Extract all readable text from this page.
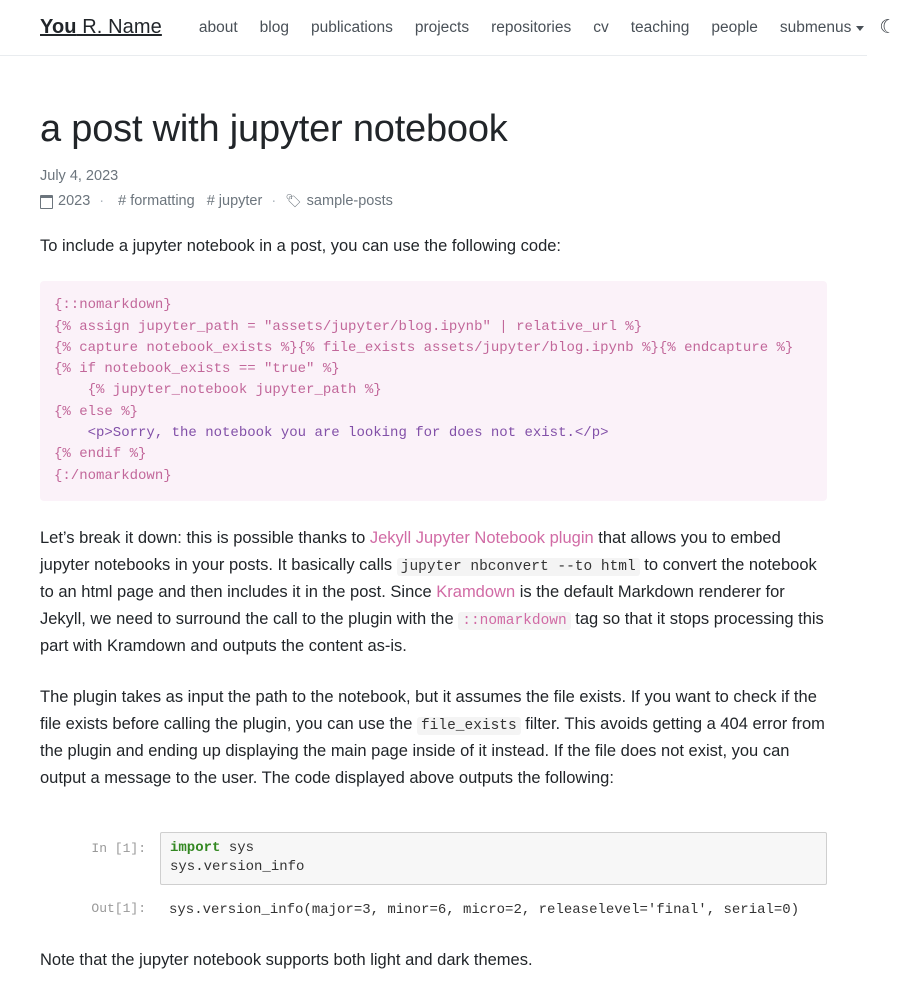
You R. Name	about	blog	publications	projects	repositories	cv	teaching	people	submenus ☾
a post with jupyter notebook
July 4, 2023
2023 · # formatting # jupyter · 🏷 sample-posts

To include a jupyter notebook in a post, you can use the following code:

{::nomarkdown}
{% assign jupyter_path = "assets/jupyter/blog.ipynb" | relative_url %}
{% capture notebook_exists %}{% file_exists assets/jupyter/blog.ipynb %}{% endcapture %}
{% if notebook_exists == "true" %}
{% jupyter_notebook jupyter_path %}
{% else %}
<p>Sorry, the notebook you are looking for does not exist.</p>
{% endif %}
{:/nomarkdown}

Let’s break it down: this is possible thanks to Jekyll Jupyter Notebook plugin that allows you to embed jupyter notebooks in your posts. It basically calls jupyter nbconvert --to html to convert the notebook to an html page and then includes it in the post. Since Kramdown is the default Markdown renderer for Jekyll, we need to surround the call to the plugin with the ::nomarkdown tag so that it stops processing this part with Kramdown and outputs the content as-is.

The plugin takes as input the path to the notebook, but it assumes the file exists. If you want to check if the file exists before calling the plugin, you can use the file_exists filter. This avoids getting a 404 error from the plugin and ending up displaying the main page inside of it instead. If the file does not exist, you can output a message to the user. The code displayed above outputs the following:

In [1]:	import sys
sys.version_info
Out[1]:	sys.version_info(major=3, minor=6, micro=2, releaselevel='final', serial=0)

Note that the jupyter notebook supports both light and dark themes.
